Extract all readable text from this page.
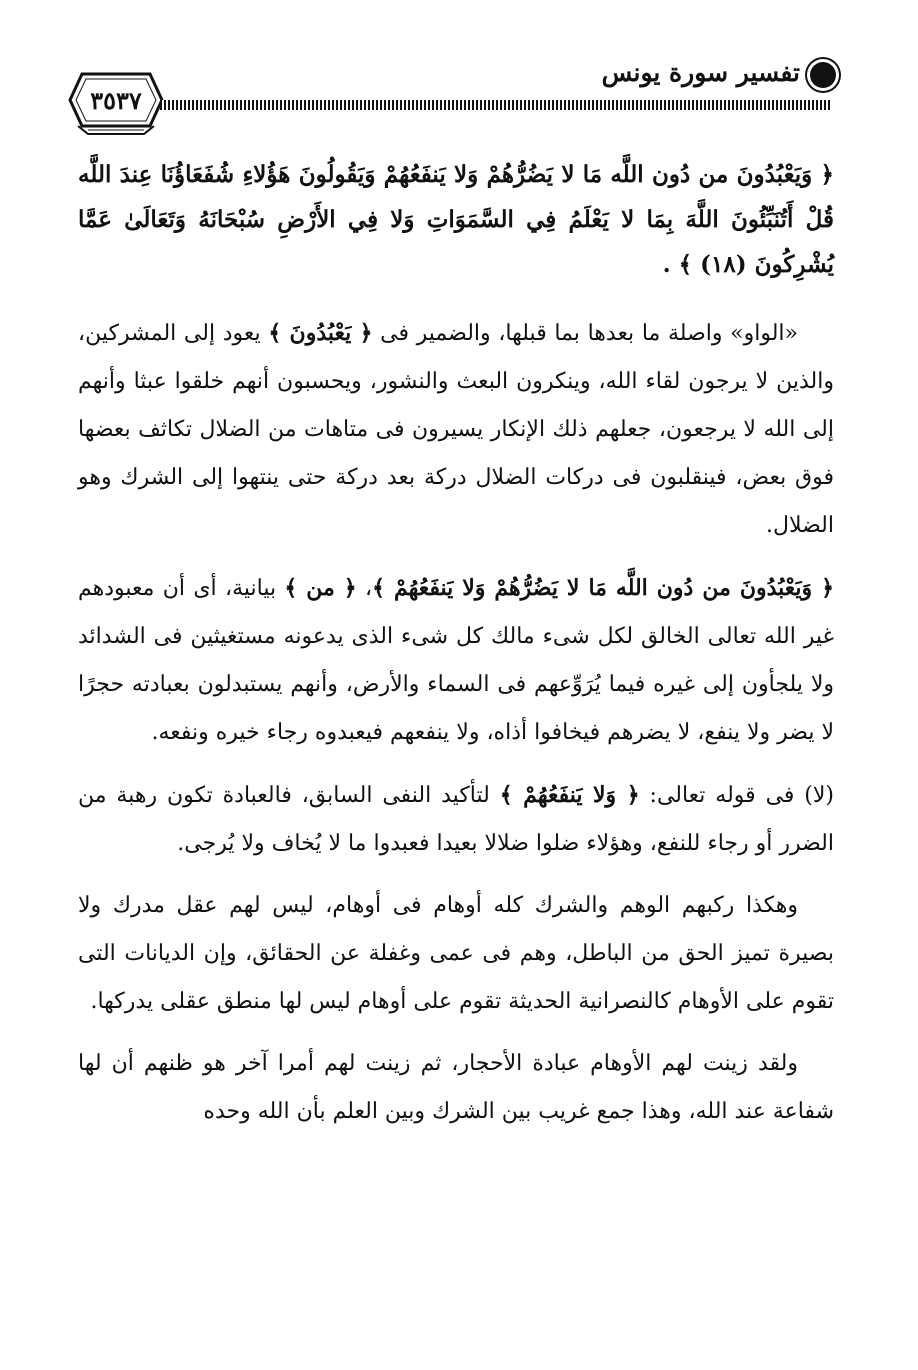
٣٥٣٧
تفسير سورة يونس

﴿ وَيَعْبُدُونَ من دُون اللَّه مَا لا يَضُرُّهُمْ وَلا يَنفَعُهُمْ وَيَقُولُونَ هَؤُلاءِ شُفَعَاؤُنَا عِندَ اللَّه قُلْ أَتُنَبِّئُونَ اللَّهَ بِمَا لا يَعْلَمُ فِي السَّمَوَاتِ وَلا فِي الأَرْضِ سُبْحَانَهُ وَتَعَالَىٰ عَمَّا يُشْرِكُونَ (١٨) ﴾ .

«الواو» واصلة ما بعدها بما قبلها، والضمير فى ﴿ يَعْبُدُونَ ﴾ يعود إلى المشركين، والذين لا يرجون لقاء الله، وينكرون البعث والنشور، ويحسبون أنهم خلقوا عبثا وأنهم إلى الله لا يرجعون، جعلهم ذلك الإنكار يسيرون فى متاهات من الضلال تكاثف بعضها فوق بعض، فينقلبون فى دركات الضلال دركة بعد دركة حتى ينتهوا إلى الشرك وهو الضلال.

﴿ وَيَعْبُدُونَ من دُون اللَّه مَا لا يَضُرُّهُمْ وَلا يَنفَعُهُمْ ﴾، ﴿ من ﴾ بيانية، أى أن معبودهم غير الله تعالى الخالق لكل شىء مالك كل شىء الذى يدعونه مستغيثين فى الشدائد ولا يلجأون إلى غيره فيما يُرَوِّعهم فى السماء والأرض، وأنهم يستبدلون بعبادته حجرًا لا يضر ولا ينفع، لا يضرهم فيخافوا أذاه، ولا ينفعهم فيعبدوه رجاء خيره ونفعه.

(لا) فى قوله تعالى: ﴿ وَلا يَنفَعُهُمْ ﴾ لتأكيد النفى السابق، فالعبادة تكون رهبة من الضرر أو رجاء للنفع، وهؤلاء ضلوا ضلالا بعيدا فعبدوا ما لا يُخاف ولا يُرجى.

وهكذا ركبهم الوهم والشرك كله أوهام فى أوهام، ليس لهم عقل مدرك ولا بصيرة تميز الحق من الباطل، وهم فى عمى وغفلة عن الحقائق، وإن الديانات التى تقوم على الأوهام كالنصرانية الحديثة تقوم على أوهام ليس لها منطق عقلى يدركها.

ولقد زينت لهم الأوهام عبادة الأحجار، ثم زينت لهم أمرا آخر هو ظنهم أن لها شفاعة عند الله، وهذا جمع غريب بين الشرك وبين العلم بأن الله وحده
